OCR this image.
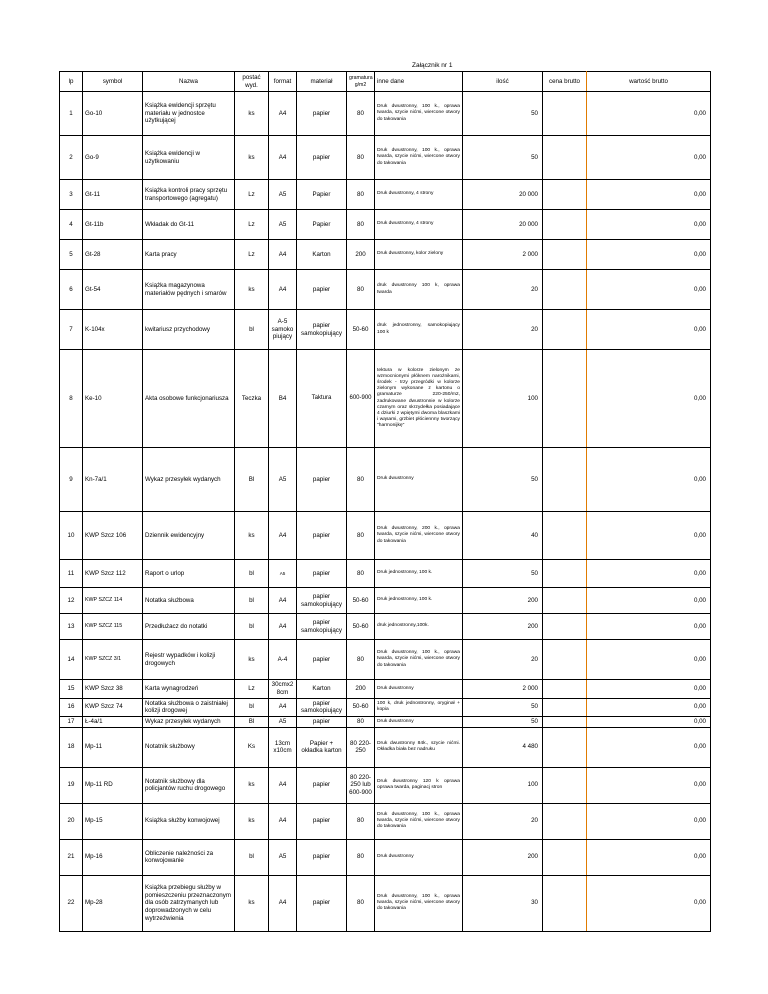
Załącznik nr 1
lp	symbol	Nazwa	postać wyd.	format	materiał	gramatura g/m2	inne dane	ilość	cena brutto	wartość brutto
1	Go-10	Książka ewidencji sprzętu materiału w jednostce użytkującej	ks	A4	papier	80	Druk dwustronny, 100 k., oprawa twarda, szycie nićmi, wiercone otwory do takowania	50		0,00
2	Go-9	Książka ewidencji w użytkowaniu	ks	A4	papier	80	Druk dwustronny, 100 k., oprawa twarda, szycie nićmi, wiercone otwory do takowania	50		0,00
3	Gt-11	Książka kontroli pracy sprzętu transportowego (agregatu)	Lz	A5	Papier	80	Druk dwustronny, 4 strony	20 000		0,00
4	Gt-11b	Wkładak do Gt-11	Lz	A5	Papier	80	Druk dwustronny, 4 strony	20 000		0,00
5	Gt-28	Karta pracy	Lz	A4	Karton	200	Druk dwustronny, kolor zielony	2 000		0,00
6	Gt-54	Książka magazynowa materiałów pędnych i smarów	ks	A4	papier	80	druk dwustronny 100 k, oprawa twarda	20		0,00
7	K-104x	kwitariusz przychodowy	bl	A-5 samoko piujący	papier samokopiujący	50-60	druk jednostronny, samokopiujący 100 k	20		0,00
8	Ke-10	Akta osobowe funkcjonariusza	Teczka	B4	Taktura	600-900	tektura w kolorze zielonym ze wzmocnionymi płóknem narożnikami, środek - trzy przegródki w kolorze zielonym wykonane z kartonu o gramaturze 220-250/m2, zadrukowane dwustronnie w kolorze czarnym oraz skrzydełka posiadające 4 dziurki z wpiętymi dwoma blaszkami i wąsami, grzbiet płóciennny tworzący "harmonijkę"	100		0,00
9	Kn-7a/1	Wykaz przesyłek wydanych	Bl	A5	papier	80	Druk dwustronny	50		0,00
10	KWP Szcz 106	Dziennik ewidencyjny	ks	A4	papier	80	Druk dwustronny, 200 k., oprawa twarda, szycie nićmi, wiercone otwory do takowania	40		0,00
11	KWP Szcz 112	Raport o urlop	bl	A5	papier	80	Druk jednostronny, 100 k.	50		0,00
12	KWP SZCZ 114	Notatka służbowa	bl	A4	papier samokopiujący	50-60	Druk jednostronny, 100 k.	200		0,00
13	KWP SZCZ 115	Przedłużacz do notatki	bl	A4	papier samokopiujący	50-60	druk jednostronny,100k.	200		0,00
14	KWP SZCZ 3/1	Rejestr wypadków i kolizji drogowych	ks	A-4	papier	80	Druk dwustronny, 100 k., oprawa twarda, szycie nićmi, wiercone otwory do takowania	20		0,00
15	KWP Szcz 38	Karta wynagrodzeń	Lz	30cmx2 8cm	Karton	200	Druk dwustronny	2 000		0,00
16	KWP Szcz 74	Notatka służbowa o zaistniałej kolizji drogowej	bl	A4	papier samokopiujący	50-60	100 k, druk jednostronny, oryginał + kopia	50		0,00
17	Ł-4a/1	Wykaz przesyłek wydanych	Bl	A5	papier	80	Druk dwustronny	50		0,00
18	Mp-11	Notatnik służbowy	Ks	13cm x10cm	Papier + okładka karton	80 220-250	Druk dwustronny 84k., szycie nićmi. Okładka biała bez nadruku	4 480		0,00
19	Mp-11 RD	Notatnik służbowy dla policjantów ruchu drogowego	ks	A4	papier	80 220-250 lub 600-900	Druk dwustronny 120 k oprawa oprawa twarda, paginacj stron	100		0,00
20	Mp-15	Książka służby konwojowej	ks	A4	papier	80	Druk dwustronny, 100 k., oprawa twarda, szycie nićmi, wiercone otwory do takowania	20		0,00
21	Mp-16	Obliczenie należności za konwojowanie	bl	A5	papier	80	Druk dwustronny	200		0,00
22	Mp-28	Książka przebiegu służby w pomieszczeniu przeznaczonym dla osób zatrzymanych lub doprowadzonych w celu wytrzeźwienia	ks	A4	papier	80	Druk dwustronny, 100 k., oprawa twarda, szycie nićmi, wiercone otwory do takowania	30		0,00
